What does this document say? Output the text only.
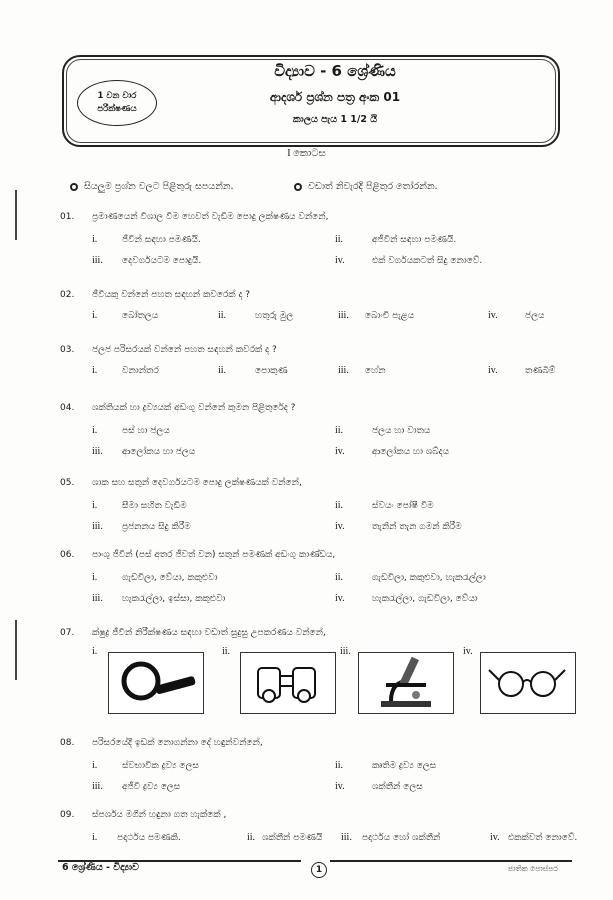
1 වන වාර
පරීක්ෂණය
විද්‍යාව - 6 ශ්‍රේණිය
ආදර්ශ ප්‍රශ්න පත්‍ර අංක 01
කාලය පැය 1 1/2 යි
I කොටස
සියලුම ප්‍රශ්න වලට පිළිතුරු සපයන්න.	වඩාත් නිවැරදි පිළිතුර තෝරන්න.
01. ප්‍රමාණයෙන් විශාල වීම හෙවත් වැඩීම පොදු ලක්ෂණය වන්නේ,
i.	ජීවීන් සඳහා පමණයි.	ii.	අජීවීන් සඳහා පමණයි.
iii. දෙවර්ගයටම පොදුයි.	iv.	එක් වර්ගයකටත් සිදු නොවේ.
02. ජීවියකු වන්නේ පහත සඳහන් කවරෙක් ද ?
i.	බෝතලය	ii.	හතුරු මුල	iii. බොංචි පැළය	iv.	ජලය
03. ජලජ පරිසරයක් වන්නේ පහත සඳහන් කවරක් ද ?
i.	වනාන්තර	ii.	පොකුණ	iii. හේන	iv.	තණබිම්
04. ශක්තියක් හා ද්‍රව්‍යයක් අඩංගු වන්නේ කුමන පිළිතුරේද ?
i.	පස් හා ජලය	ii.	ජලය හා වාතය
iii. ආලෝකය හා ජලය	iv.	ආලෝකය හා ශබ්දය
05. ශාක සහ සතුන් දෙවර්ගයටම පොදු ලක්ෂණයක් වන්නේ,
i.	සීමා සහිත වැඩීම	ii.	ස්වයං පෝෂී වීම
iii. ප්‍රජනනය සිදු කිරීම	iv.	තැනින් තැන ගමන් කිරීම
06. පාංශු ජීවීන් (පස් අතර ජීවත් වන) සතුන් පමණක් අඩංගු කාණ්ඩය,
i.	ගැඩවිලා, වේයා, කකුළුවා	ii.	ගැඩවිලා, කකුළුවා, හැකරැල්ලා
iii. හැකරැල්ලා, ඉස්සා, කකුළුවා	iv.	හැකරැල්ලා, ගැඩවිලා, වේයා
07. ක්ෂුද්‍ර ජීවීන් නිරීක්ෂණය සඳහා වඩාත් සුදුසු උපකරණය වන්නේ,
i.	ii.	iii.	iv.
08. පරිසරයේදී ඉඩක් නොගන්නා දේ හඳුන්වන්නේ,
i.	ස්වභාවික ද්‍රව්‍ය ලෙස	ii.	කෘතිම ද්‍රව්‍ය ලෙස
iii. අජීවී ද්‍රව්‍ය ලෙස	iv.	ශක්තීන් ලෙස
09. ස්පර්ශය මගින් හඳුනා ගත හැක්කේ ,
i. පදාර්ථය පමණකි.	ii. ශක්තීන් පමණයි iii. පදාර්ථය හෝ ශක්තීන්	iv. එකක්වත් නොවේ.
6 ශ්‍රේණිය - විද්‍යාව	1	ජාතික පොස්පර
